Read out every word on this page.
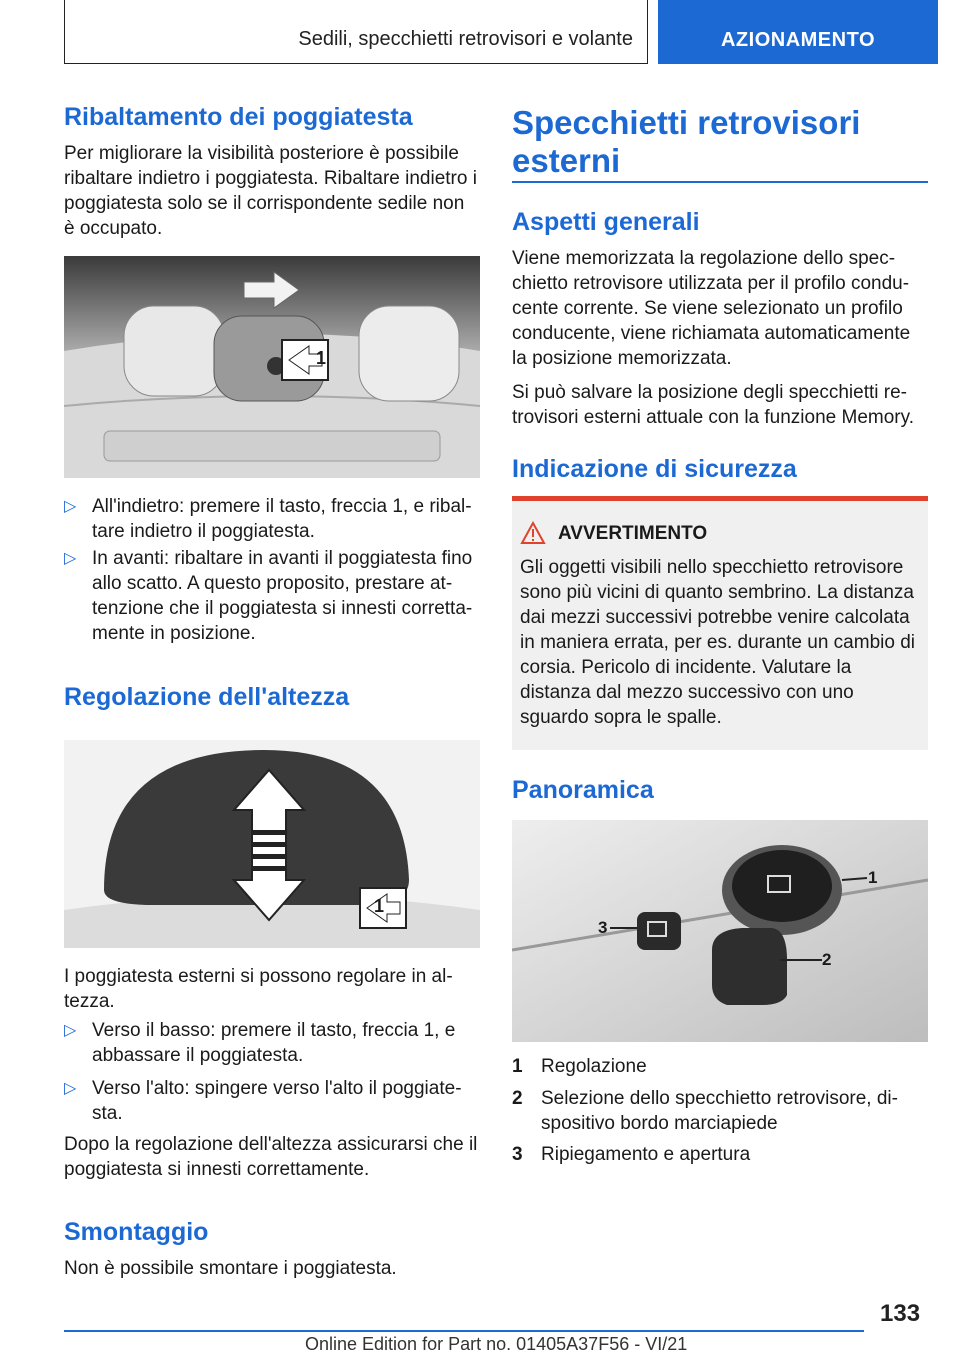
Sedili, specchietti retrovisori e volante	AZIONAMENTO
Ribaltamento dei poggiatesta

Per migliorare la visibilità posteriore è possibile ribaltare indietro i poggiatesta. Ribaltare indietro i poggiatesta solo se il corrispondente sedile non è occupato.

1
▷ All'indietro: premere il tasto, freccia 1, e ribaltare indietro il poggiatesta.
▷ In avanti: ribaltare in avanti il poggiatesta fino allo scatto. A questo proposito, prestare attenzione che il poggiatesta si innesti correttamente in posizione.
Regolazione dell'altezza
1

I poggiatesta esterni si possono regolare in altezza.

▷ Verso il basso: premere il tasto, freccia 1, e abbassare il poggiatesta.
▷ Verso l'alto: spingere verso l'alto il poggiatesta.

Dopo la regolazione dell'altezza assicurarsi che il poggiatesta si innesti correttamente.

Smontaggio

Non è possibile smontare i poggiatesta.

Specchietti retrovisori esterni
Aspetti generali

Viene memorizzata la regolazione dello specchietto retrovisore utilizzata per il profilo conducente corrente. Se viene selezionato un profilo conducente, viene richiamata automaticamente la posizione memorizzata.

Si può salvare la posizione degli specchietti retrovisori esterni attuale con la funzione Memory.

Indicazione di sicurezza
AVVERTIMENTO

Gli oggetti visibili nello specchietto retrovisore sono più vicini di quanto sembrino. La distanza dai mezzi successivi potrebbe venire calcolata in maniera errata, per es. durante un cambio di corsia. Pericolo di incidente. Valutare la distanza dal mezzo successivo con uno sguardo sopra le spalle.

Panoramica
1
2
3
1 Regolazione
2 Selezione dello specchietto retrovisore, dispositivo bordo marciapiede
3 Ripiegamento e apertura
133
Online Edition for Part no. 01405A37F56 - VI/21
